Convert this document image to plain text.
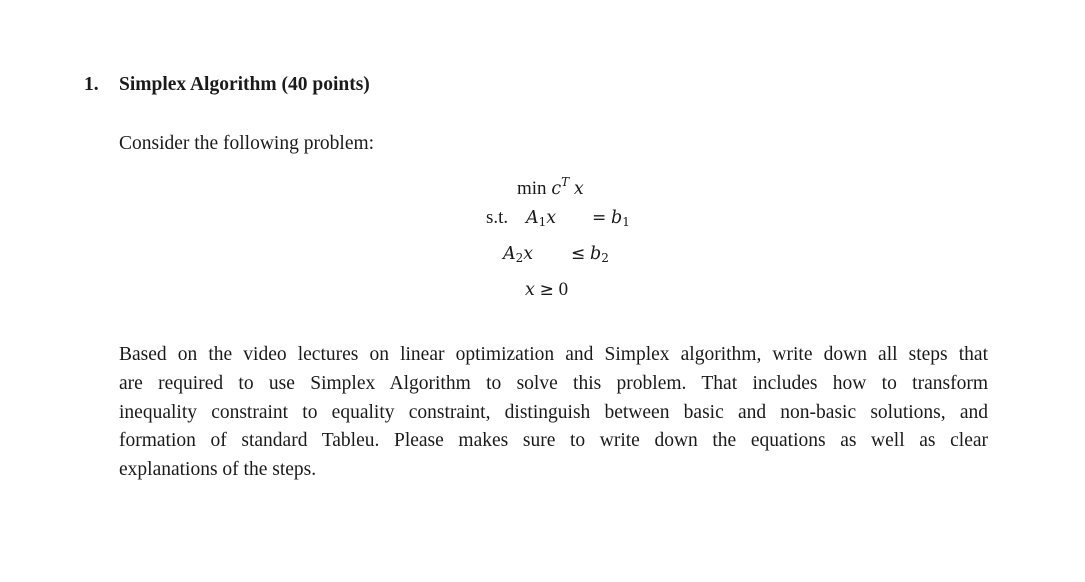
1. Simplex Algorithm (40 points)
Consider the following problem:
$\min c^T$ x
s.t. $A_1x = b_1$
$A_2x \le b_2$
x ≥ 0
Based on the video lectures on linear optimization and Simplex algorithm, write down all steps that
are required to use Simplex Algorithm to solve this problem. That includes how to transform
inequality constraint to equality constraint, distinguish between basic and non-basic solutions, and
formation of standard Tableu. Please makes sure to write down the equations as well as clear
explanations of the steps.
